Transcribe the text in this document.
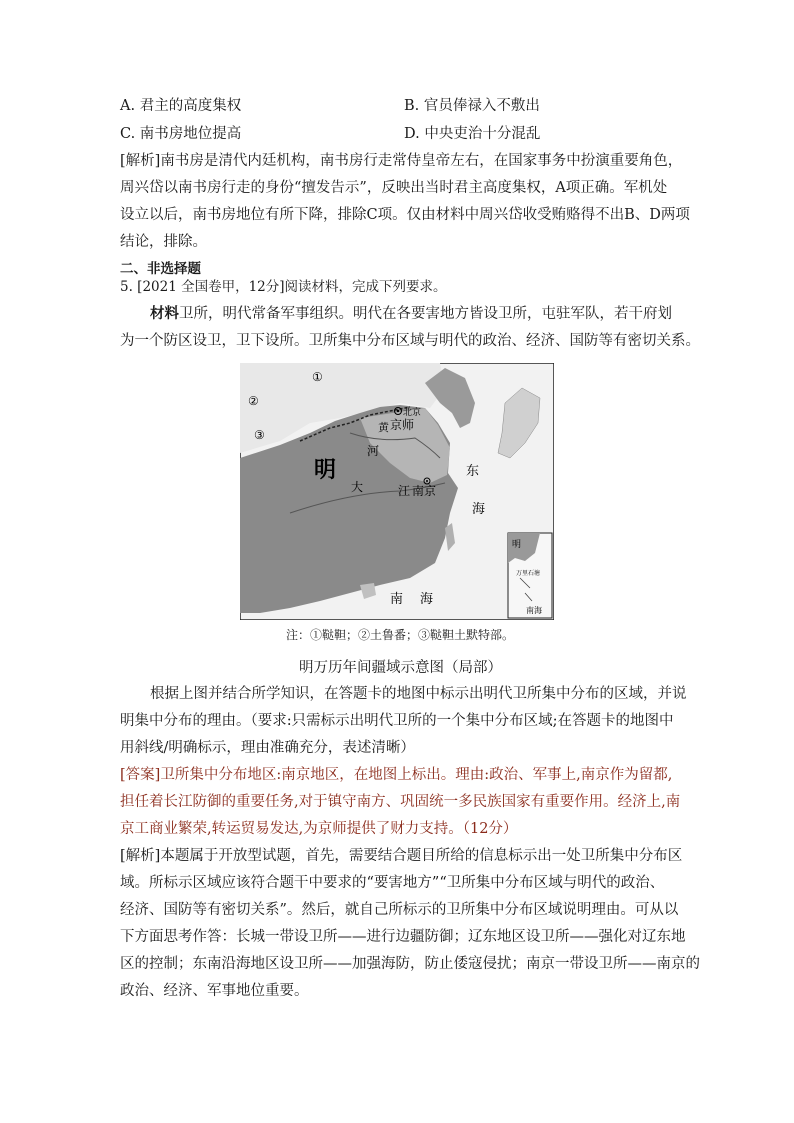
A. 君主的高度集权	B. 官员俸禄入不敷出
C. 南书房地位提高	D. 中央吏治十分混乱
[解析]南书房是清代内廷机构，南书房行走常侍皇帝左右，在国家事务中扮演重要角色，
周兴岱以南书房行走的身份“擅发告示”，反映出当时君主高度集权，A项正确。军机处
设立以后，南书房地位有所下降，排除C项。仅由材料中周兴岱收受贿赂得不出B、D两项
结论，排除。
二、非选择题
5. [2021 全国卷甲，12分]阅读材料，完成下列要求。
材料卫所，明代常备军事组织。明代在各要害地方皆设卫所，屯驻军队，若干府划
为一个防区设卫，卫下设所。卫所集中分布区域与明代的政治、经济、国防等有密切关系。
①
②
③
北京
黄 京师
河
明
大	江 南京
东
海
南 海
明
万里石塘
南海
注：①鞑靼；②土鲁番；③鞑靼土默特部。
明万历年间疆域示意图（局部）
根据上图并结合所学知识，在答题卡的地图中标示出明代卫所集中分布的区域，并说
明集中分布的理由。（要求:只需标示出明代卫所的一个集中分布区域;在答题卡的地图中
用斜线/明确标示，理由准确充分，表述清晰）
[答案]卫所集中分布地区:南京地区，在地图上标出。理由:政治、军事上,南京作为留都,
担任着长江防御的重要任务,对于镇守南方、巩固统一多民族国家有重要作用。经济上,南
京工商业繁荣,转运贸易发达,为京师提供了财力支持。（12分）
[解析]本题属于开放型试题，首先，需要结合题目所给的信息标示出一处卫所集中分布区
域。所标示区域应该符合题干中要求的“要害地方”“卫所集中分布区域与明代的政治、
经济、国防等有密切关系”。然后，就自己所标示的卫所集中分布区域说明理由。可从以
下方面思考作答：长城一带设卫所——进行边疆防御；辽东地区设卫所——强化对辽东地
区的控制；东南沿海地区设卫所——加强海防，防止倭寇侵扰；南京一带设卫所——南京的
政治、经济、军事地位重要。
